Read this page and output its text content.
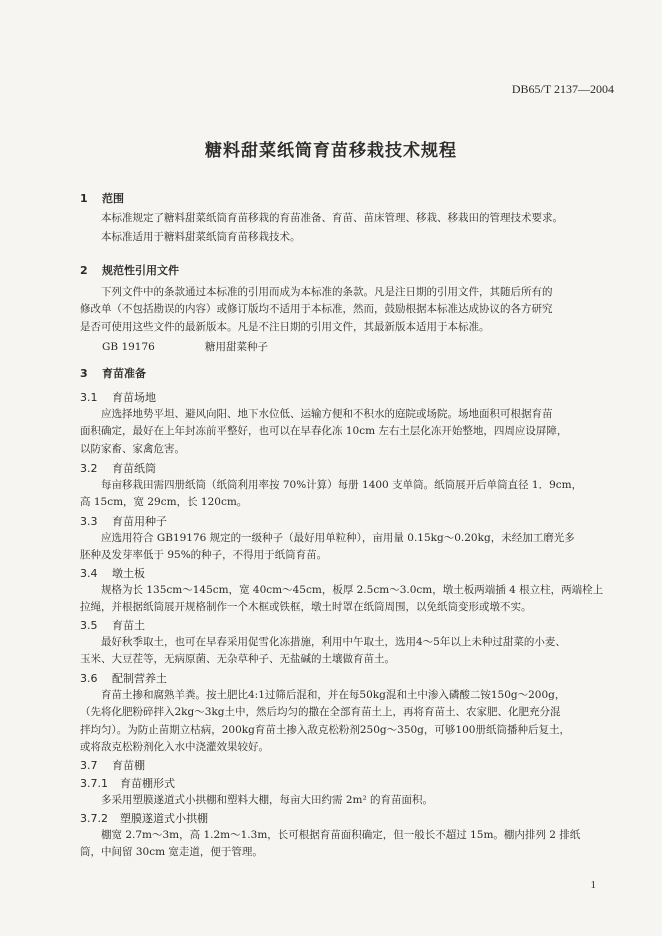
DB65/T 2137—2004
糖料甜菜纸筒育苗移栽技术规程
1 范围
本标准规定了糖料甜菜纸筒育苗移栽的育苗准备、育苗、苗床管理、移栽、移栽田的管理技术要求。
本标准适用于糖料甜菜纸筒育苗移栽技术。
2 规范性引用文件
下列文件中的条款通过本标准的引用而成为本标准的条款。凡是注日期的引用文件，其随后所有的
修改单（不包括勘误的内容）或修订版均不适用于本标准，然而，鼓励根据本标准达成协议的各方研究
是否可使用这些文件的最新版本。凡是不注日期的引用文件，其最新版本适用于本标准。
GB 19176	糖用甜菜种子
3 育苗准备
3.1 育苗场地
应选择地势平坦、避风向阳、地下水位低、运输方便和不积水的庭院或场院。场地面积可根据育苗
面积确定，最好在上年封冻前平整好，也可以在早春化冻 10cm 左右土层化冻开始整地，四周应设屏障，
以防家畜、家禽危害。
3.2 育苗纸筒
每亩移栽田需四册纸筒（纸筒利用率按 70%计算）每册 1400 支单筒。纸筒展开后单筒直径 1．9cm，
高 15cm，宽 29cm，长 120cm。
3.3 育苗用种子
应选用符合 GB19176 规定的一级种子（最好用单粒种），亩用量 0.15kg～0.20kg，未经加工磨光多
胚种及发芽率低于 95%的种子，不得用于纸筒育苗。
3.4 墩土板
规格为长 135cm～145cm，宽 40cm～45cm，板厚 2.5cm～3.0cm，墩土板两端插 4 根立柱，两端栓上
拉绳，并根据纸筒展开规格制作一个木框或铁框，墩土时罩在纸筒周围，以免纸筒变形或墩不实。
3.5 育苗土
最好秋季取土，也可在早春采用促雪化冻措施，利用中午取土，选用4～5年以上未种过甜菜的小麦、
玉米、大豆茬等，无病原菌、无杂草种子、无盐碱的土壤做育苗土。
3.6 配制营养土
育苗土掺和腐熟羊粪。按土肥比4:1过筛后混和，并在每50kg混和土中渗入磷酸二铵150g～200g，
（先将化肥粉碎拌入2kg～3kg土中，然后均匀的撒在全部育苗土上，再将育苗土、农家肥、化肥充分混
拌均匀）。为防止苗期立枯病，200kg育苗土掺入敌克松粉剂250g～350g，可够100册纸筒播种后复土，
或将敌克松粉剂化入水中浇灌效果较好。
3.7 育苗棚
3.7.1 育苗棚形式
多采用塑膜遂道式小拱棚和塑料大棚，每亩大田约需 2m² 的育苗面积。
3.7.2 塑膜遂道式小拱棚
棚宽 2.7m～3m，高 1.2m～1.3m，长可根据育苗面积确定，但一般长不超过 15m。棚内排列 2 排纸
筒，中间留 30cm 宽走道，便于管理。
1
